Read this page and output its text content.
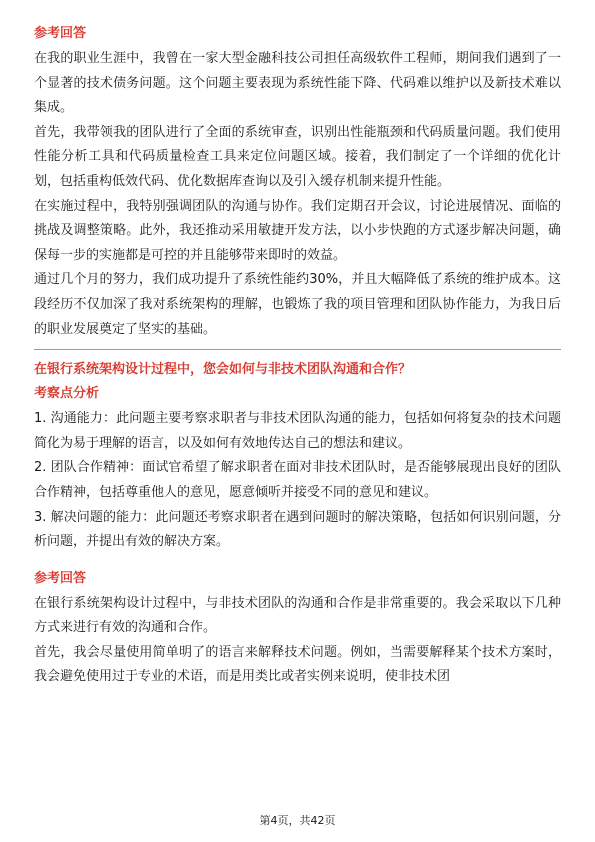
参考回答

在我的职业生涯中，我曾在一家大型金融科技公司担任高级软件工程师，期间我们遇到了一个显著的技术债务问题。这个问题主要表现为系统性能下降、代码难以维护以及新技术难以集成。

首先，我带领我的团队进行了全面的系统审查，识别出性能瓶颈和代码质量问题。我们使用性能分析工具和代码质量检查工具来定位问题区域。接着，我们制定了一个详细的优化计划，包括重构低效代码、优化数据库查询以及引入缓存机制来提升性能。

在实施过程中，我特别强调团队的沟通与协作。我们定期召开会议，讨论进展情况、面临的挑战及调整策略。此外，我还推动采用敏捷开发方法，以小步快跑的方式逐步解决问题，确保每一步的实施都是可控的并且能够带来即时的效益。

通过几个月的努力，我们成功提升了系统性能约30%，并且大幅降低了系统的维护成本。这段经历不仅加深了我对系统架构的理解，也锻炼了我的项目管理和团队协作能力，为我日后的职业发展奠定了坚实的基础。

在银行系统架构设计过程中，您会如何与非技术团队沟通和合作？
考察点分析

1. 沟通能力：此问题主要考察求职者与非技术团队沟通的能力，包括如何将复杂的技术问题简化为易于理解的语言，以及如何有效地传达自己的想法和建议。

2. 团队合作精神：面试官希望了解求职者在面对非技术团队时，是否能够展现出良好的团队合作精神，包括尊重他人的意见，愿意倾听并接受不同的意见和建议。

3. 解决问题的能力：此问题还考察求职者在遇到问题时的解决策略，包括如何识别问题，分析问题，并提出有效的解决方案。

参考回答

在银行系统架构设计过程中，与非技术团队的沟通和合作是非常重要的。我会采取以下几种方式来进行有效的沟通和合作。

首先，我会尽量使用简单明了的语言来解释技术问题。例如，当需要解释某个技术方案时，我会避免使用过于专业的术语，而是用类比或者实例来说明，使非技术团

第4页，共42页
